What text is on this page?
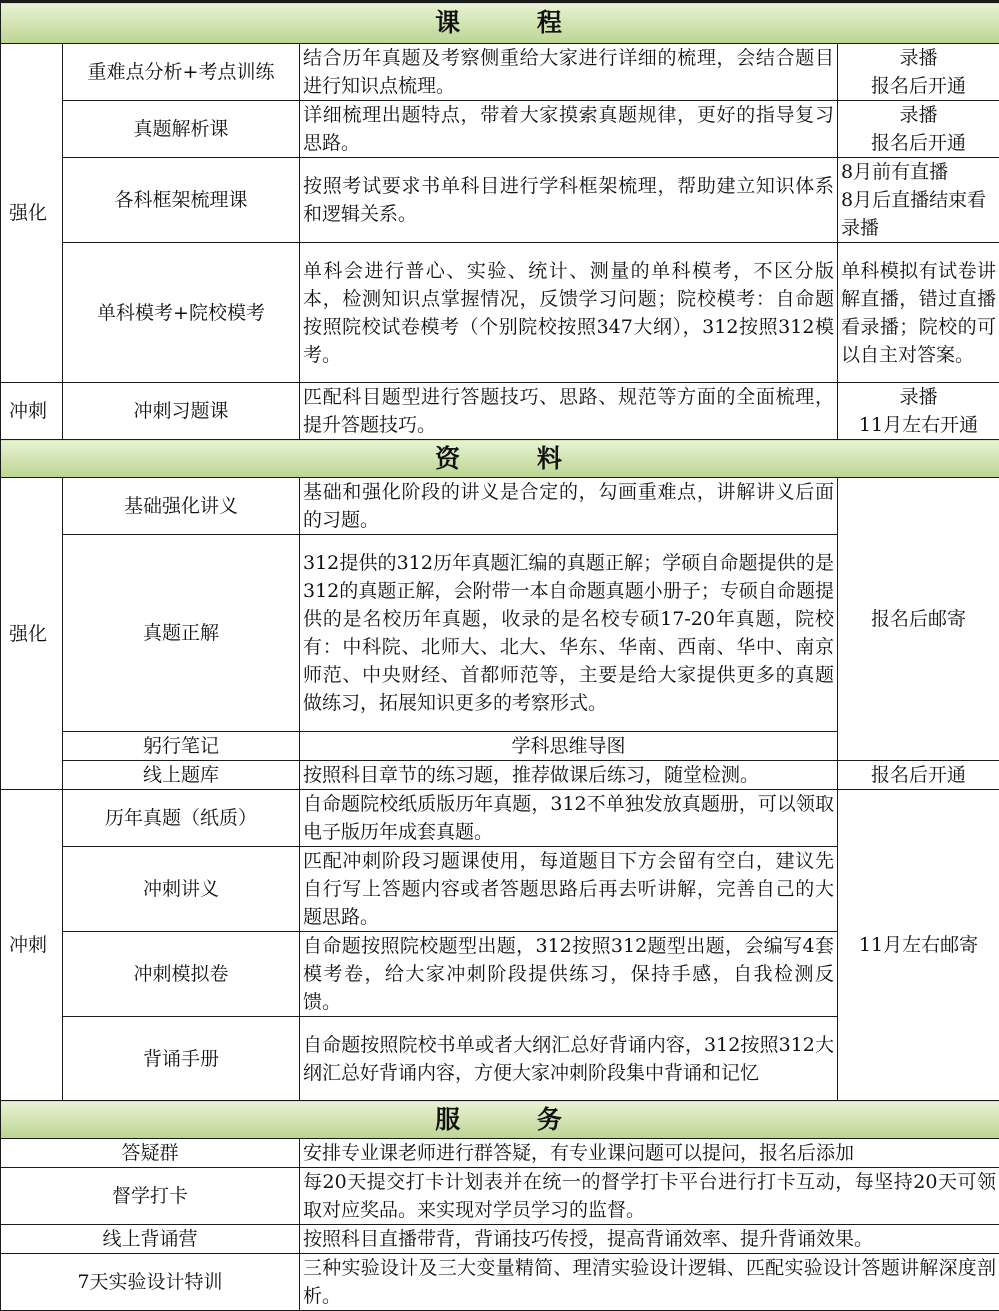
课 程			
强化	重难点分析+考点训练	结合历年真题及考察侧重给大家进行详细的梳理，会结合题目进行知识点梳理。	录播
报名后开通
	真题解析课	详细梳理出题特点，带着大家摸索真题规律，更好的指导复习思路。	录播
报名后开通
	各科框架梳理课	按照考试要求书单科目进行学科框架梳理，帮助建立知识体系和逻辑关系。	8月前有直播
8月后直播结束看录播
	单科模考+院校模考	单科会进行普心、实验、统计、测量的单科模考，不区分版本，检测知识点掌握情况，反馈学习问题；院校模考：自命题按照院校试卷模考（个别院校按照347大纲），312按照312模考。	单科模拟有试卷讲解直播，错过直播看录播；院校的可以自主对答案。
冲刺	冲刺习题课	匹配科目题型进行答题技巧、思路、规范等方面的全面梳理，提升答题技巧。	录播
11月左右开通
资 料			
强化	基础强化讲义	基础和强化阶段的讲义是合定的，勾画重难点，讲解讲义后面的习题。	报名后邮寄
	真题正解	312提供的312历年真题汇编的真题正解；学硕自命题提供的是312的真题正解，会附带一本自命题真题小册子；专硕自命题提供的是名校历年真题，收录的是名校专硕17-20年真题，院校有：中科院、北师大、北大、华东、华南、西南、华中、南京师范、中央财经、首都师范等，主要是给大家提供更多的真题做练习，拓展知识更多的考察形式。	
	躬行笔记	学科思维导图	
	线上题库	按照科目章节的练习题，推荐做课后练习，随堂检测。	报名后开通
冲刺	历年真题（纸质）	自命题院校纸质版历年真题，312不单独发放真题册，可以领取电子版历年成套真题。	11月左右邮寄
	冲刺讲义	匹配冲刺阶段习题课使用，每道题目下方会留有空白，建议先自行写上答题内容或者答题思路后再去听讲解，完善自己的大题思路。	
	冲刺模拟卷	自命题按照院校题型出题，312按照312题型出题，会编写4套模考卷，给大家冲刺阶段提供练习，保持手感，自我检测反馈。	
	背诵手册	自命题按照院校书单或者大纲汇总好背诵内容，312按照312大纲汇总好背诵内容，方便大家冲刺阶段集中背诵和记忆	
服 务			
答疑群		安排专业课老师进行群答疑，有专业课问题可以提问，报名后添加	
督学打卡		每20天提交打卡计划表并在统一的督学打卡平台进行打卡互动，每坚持20天可领取对应奖品。来实现对学员学习的监督。	
线上背诵营		按照科目直播带背，背诵技巧传授，提高背诵效率、提升背诵效果。	
7天实验设计特训		三种实验设计及三大变量精简、理清实验设计逻辑、匹配实验设计答题讲解深度剖析。	
